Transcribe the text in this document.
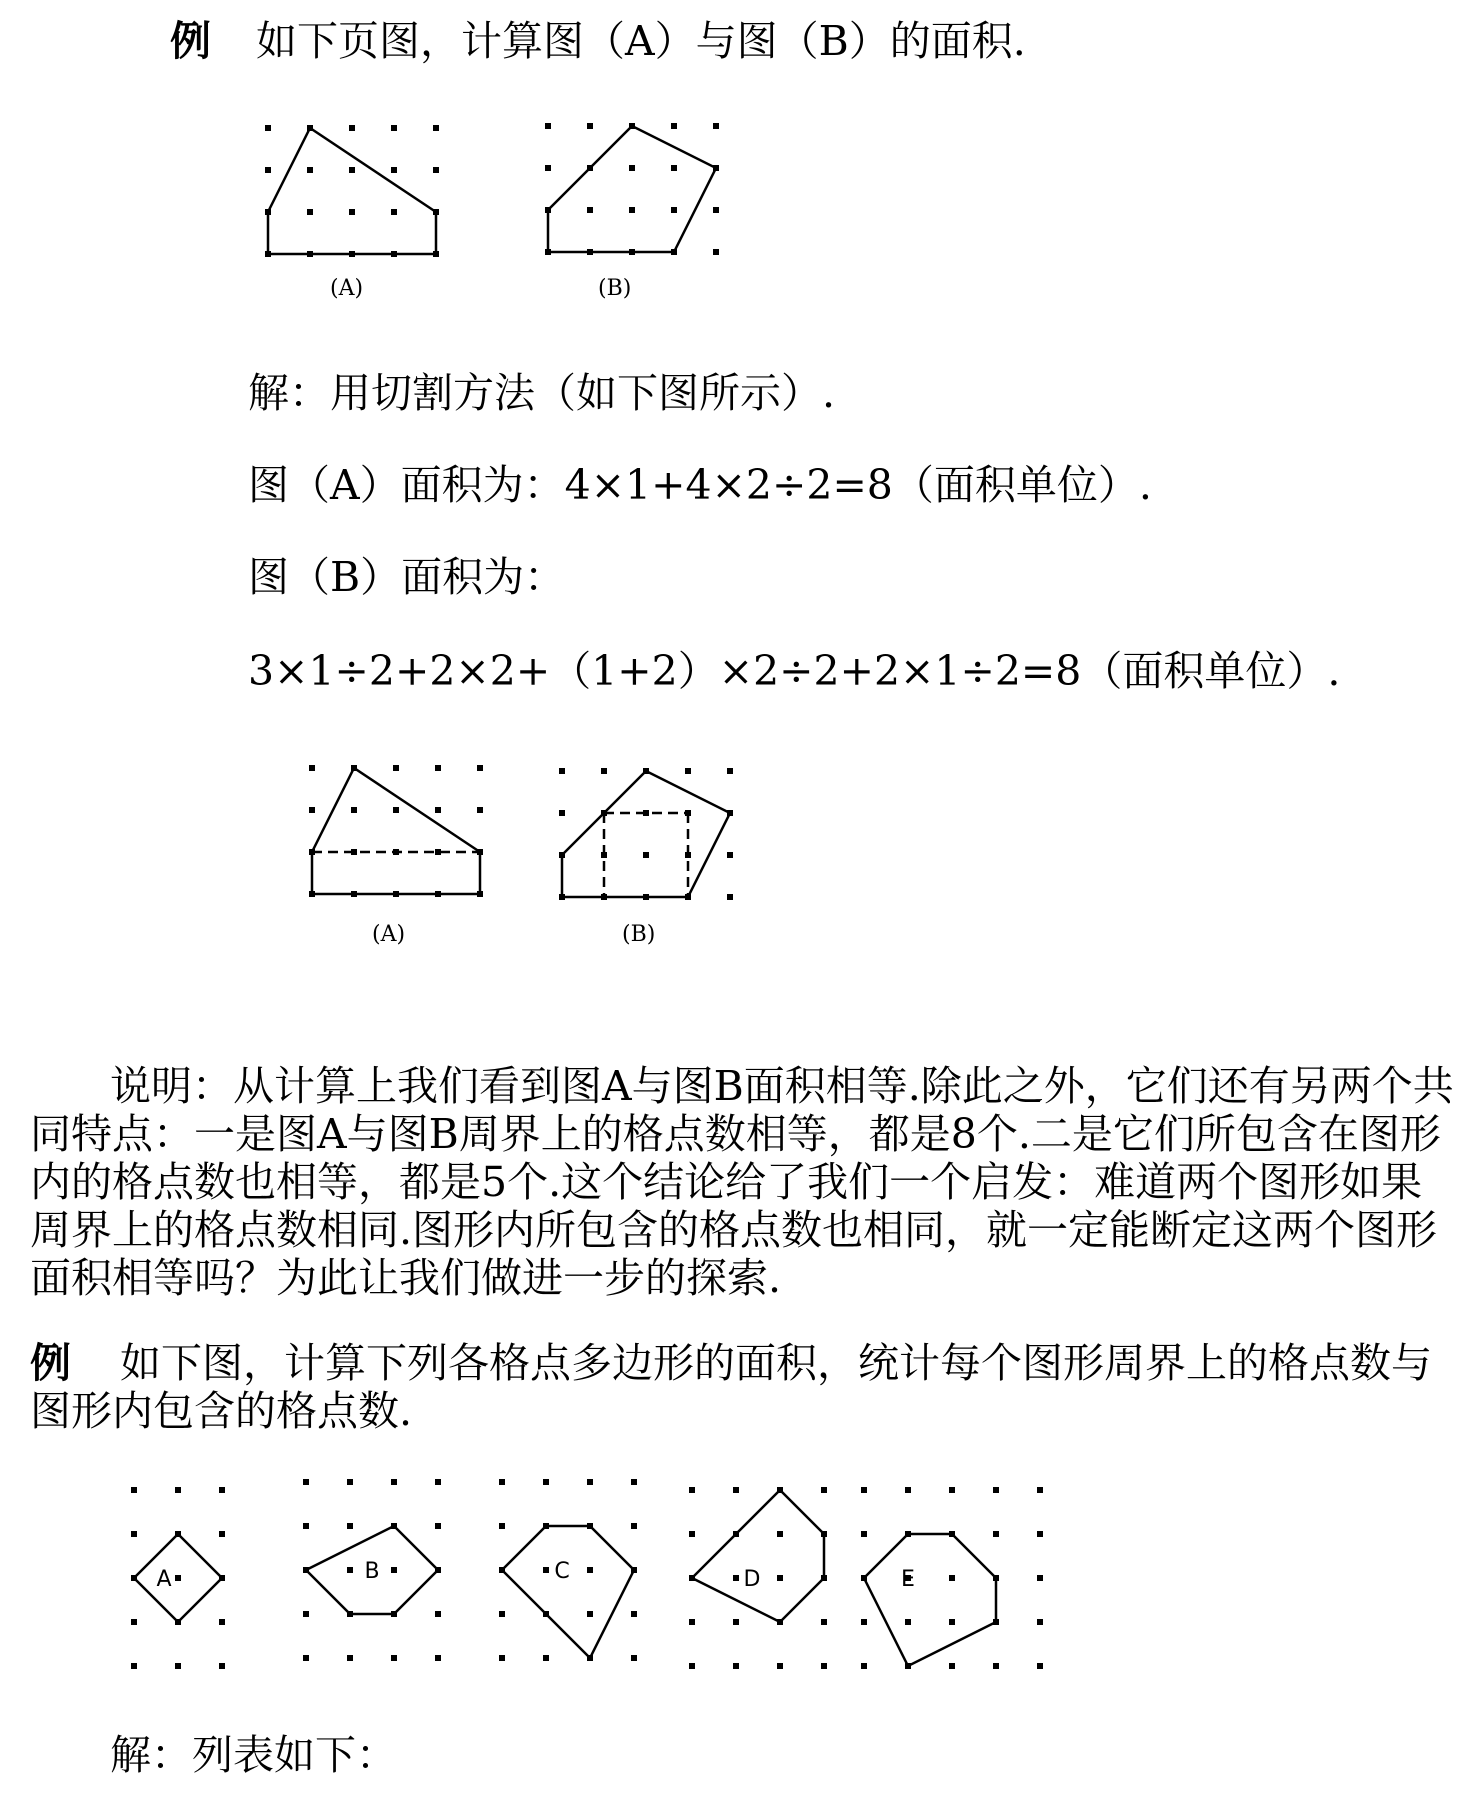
例 如下页图，计算图（A）与图（B）的面积.
(A)	(B)
解：用切割方法（如下图所示）.
图（A）面积为：4×1+4×2÷2=8（面积单位）.
图（B）面积为：
3×1÷2+2×2+（1+2）×2÷2+2×1÷2=8（面积单位）.
(A)	(B)
说明：从计算上我们看到图A与图B面积相等.除此之外，它们还有另两个共
同特点：一是图A与图B周界上的格点数相等，都是8个.二是它们所包含在图形
内的格点数也相等，都是5个.这个结论给了我们一个启发：难道两个图形如果
周界上的格点数相同.图形内所包含的格点数也相同，就一定能断定这两个图形
面积相等吗？为此让我们做进一步的探索.
例 如下图，计算下列各格点多边形的面积，统计每个图形周界上的格点数与
图形内包含的格点数.
A	B	C	D	E
解：列表如下：
